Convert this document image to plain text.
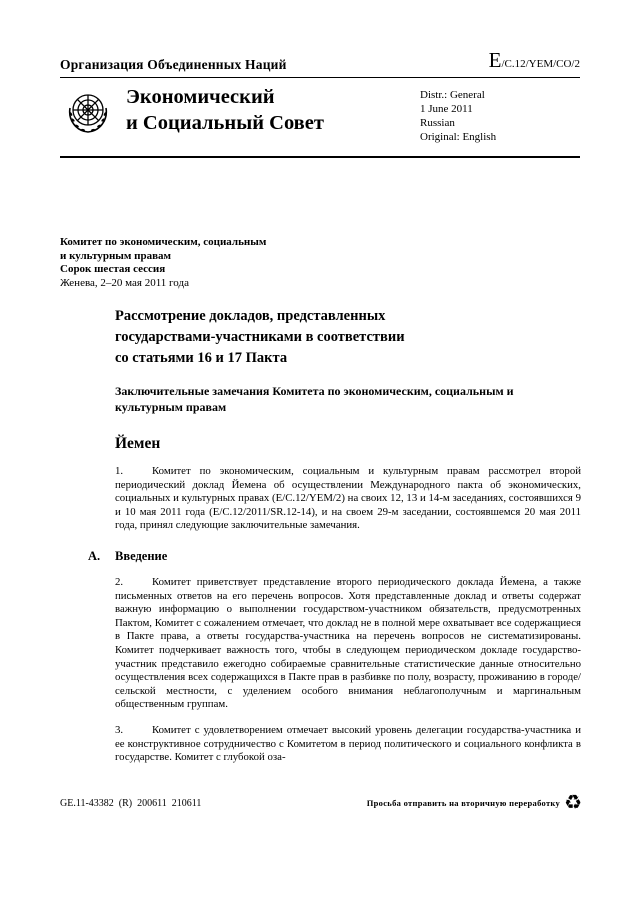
Организация Объединенных Наций	E/C.12/YEM/CO/2
Экономический
и Социальный Совет
Distr.: General
1 June 2011
Russian
Original: English
Комитет по экономическим, социальным
и культурным правам
Сорок шестая сессия
Женева, 2–20 мая 2011 года
Рассмотрение докладов, представленных
государствами-участниками в соответствии
со статьями 16 и 17 Пакта
Заключительные замечания Комитета по экономическим, социальным и культурным правам
Йемен
1.	Комитет по экономическим, социальным и культурным правам рассмотрел второй периодический доклад Йемена об осуществлении Международного пакта об экономических, социальных и культурных правах (E/C.12/YEM/2) на своих 12, 13 и 14-м заседаниях, состоявшихся 9 и 10 мая 2011 года (E/C.12/2011/SR.12-14), и на своем 29-м заседании, состоявшемся 20 мая 2011 года, принял следующие заключительные замечания.
A. Введение
2.	Комитет приветствует представление второго периодического доклада Йемена, а также письменных ответов на его перечень вопросов. Хотя представленные доклад и ответы содержат важную информацию о выполнении государством-участником обязательств, предусмотренных Пактом, Комитет с сожалением отмечает, что доклад не в полной мере охватывает все содержащиеся в Пакте права, а ответы государства-участника на перечень вопросов не систематизированы. Комитет подчеркивает важность того, чтобы в следующем периодическом докладе государство-участник представило ежегодно собираемые сравнительные статистические данные относительно осуществления всех содержащихся в Пакте прав в разбивке по полу, возрасту, проживанию в городе/сельской местности, с уделением особого внимания неблагополучным и маргинальным общественным группам.
3.	Комитет с удовлетворением отмечает высокий уровень делегации государства-участника и ее конструктивное сотрудничество с Комитетом в период политического и социального конфликта в государстве. Комитет с глубокой оза-
GE.11-43382  (R)  200611  210611	Просьба отправить на вторичную переработку ♻
